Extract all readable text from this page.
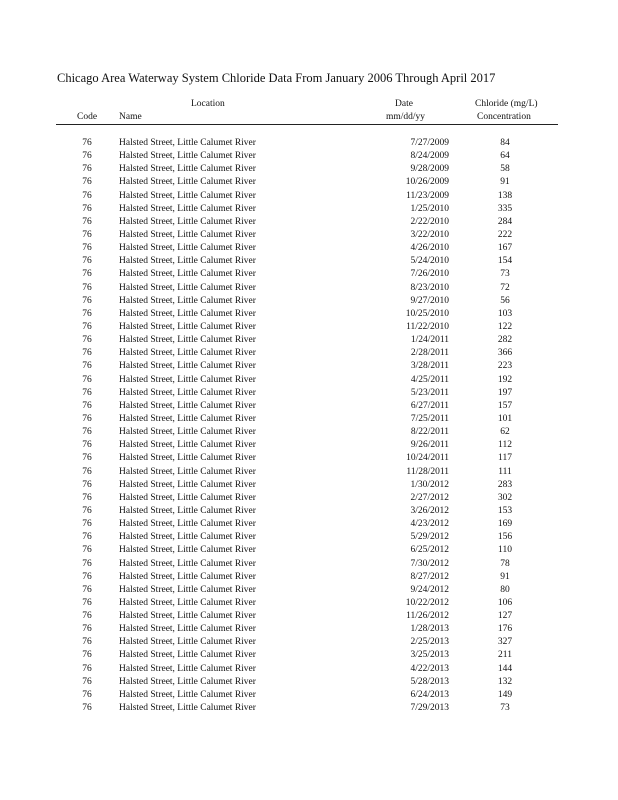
Chicago Area Waterway System Chloride Data From January 2006 Through April 2017
Location	Date	Chloride (mg/L)
Code Name	mm/dd/yy	Concentration
76	Halsted Street, Little Calumet River	7/27/2009	84
76	Halsted Street, Little Calumet River	8/24/2009	64
76	Halsted Street, Little Calumet River	9/28/2009	58
76	Halsted Street, Little Calumet River	10/26/2009	91
76	Halsted Street, Little Calumet River	11/23/2009	138
76	Halsted Street, Little Calumet River	1/25/2010	335
76	Halsted Street, Little Calumet River	2/22/2010	284
76	Halsted Street, Little Calumet River	3/22/2010	222
76	Halsted Street, Little Calumet River	4/26/2010	167
76	Halsted Street, Little Calumet River	5/24/2010	154
76	Halsted Street, Little Calumet River	7/26/2010	73
76	Halsted Street, Little Calumet River	8/23/2010	72
76	Halsted Street, Little Calumet River	9/27/2010	56
76	Halsted Street, Little Calumet River	10/25/2010	103
76	Halsted Street, Little Calumet River	11/22/2010	122
76	Halsted Street, Little Calumet River	1/24/2011	282
76	Halsted Street, Little Calumet River	2/28/2011	366
76	Halsted Street, Little Calumet River	3/28/2011	223
76	Halsted Street, Little Calumet River	4/25/2011	192
76	Halsted Street, Little Calumet River	5/23/2011	197
76	Halsted Street, Little Calumet River	6/27/2011	157
76	Halsted Street, Little Calumet River	7/25/2011	101
76	Halsted Street, Little Calumet River	8/22/2011	62
76	Halsted Street, Little Calumet River	9/26/2011	112
76	Halsted Street, Little Calumet River	10/24/2011	117
76	Halsted Street, Little Calumet River	11/28/2011	111
76	Halsted Street, Little Calumet River	1/30/2012	283
76	Halsted Street, Little Calumet River	2/27/2012	302
76	Halsted Street, Little Calumet River	3/26/2012	153
76	Halsted Street, Little Calumet River	4/23/2012	169
76	Halsted Street, Little Calumet River	5/29/2012	156
76	Halsted Street, Little Calumet River	6/25/2012	110
76	Halsted Street, Little Calumet River	7/30/2012	78
76	Halsted Street, Little Calumet River	8/27/2012	91
76	Halsted Street, Little Calumet River	9/24/2012	80
76	Halsted Street, Little Calumet River	10/22/2012	106
76	Halsted Street, Little Calumet River	11/26/2012	127
76	Halsted Street, Little Calumet River	1/28/2013	176
76	Halsted Street, Little Calumet River	2/25/2013	327
76	Halsted Street, Little Calumet River	3/25/2013	211
76	Halsted Street, Little Calumet River	4/22/2013	144
76	Halsted Street, Little Calumet River	5/28/2013	132
76	Halsted Street, Little Calumet River	6/24/2013	149
76	Halsted Street, Little Calumet River	7/29/2013	73
